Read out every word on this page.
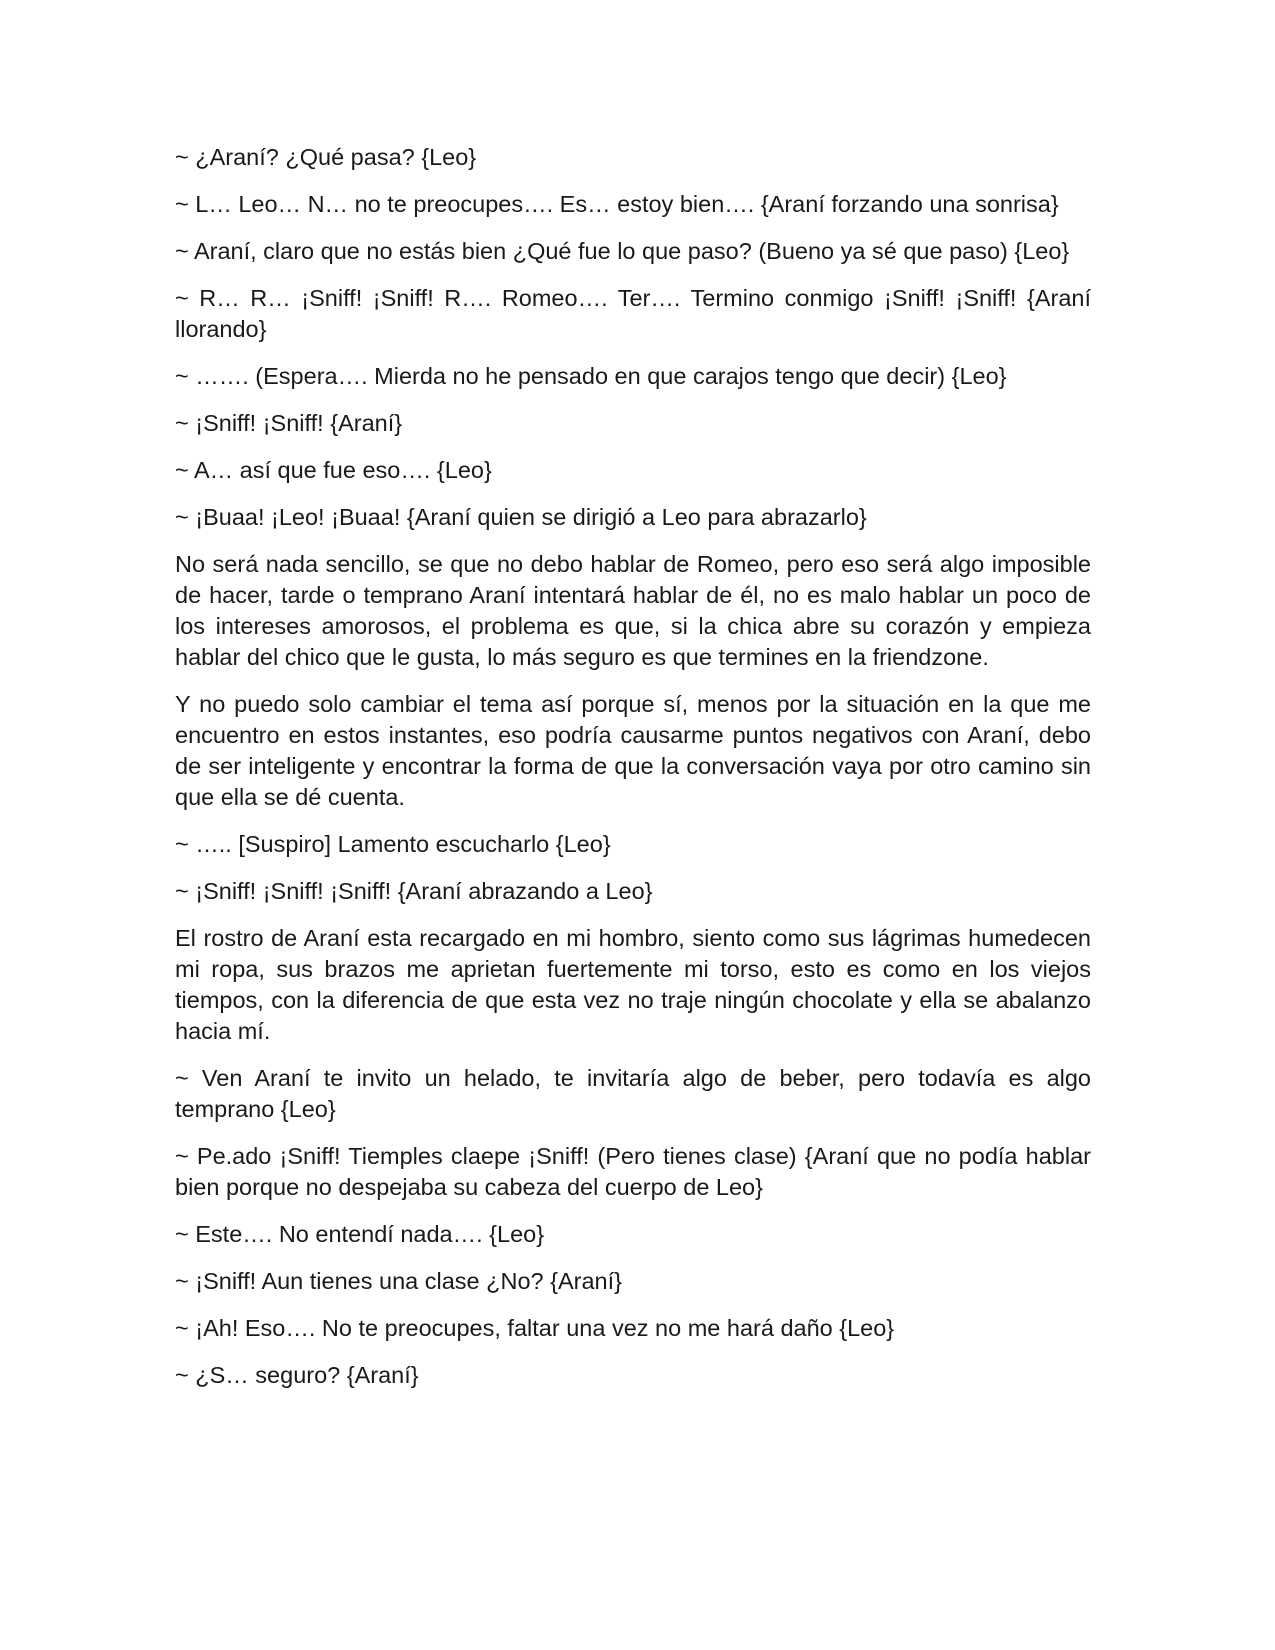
~ ¿Araní? ¿Qué pasa? {Leo}

~ L… Leo… N… no te preocupes…. Es… estoy bien…. {Araní forzando una sonrisa}

~ Araní, claro que no estás bien ¿Qué fue lo que paso? (Bueno ya sé que paso) {Leo}

~ R… R… ¡Sniff! ¡Sniff! R…. Romeo…. Ter…. Termino conmigo ¡Sniff! ¡Sniff! {Araní llorando}

~ ……. (Espera…. Mierda no he pensado en que carajos tengo que decir) {Leo}

~ ¡Sniff! ¡Sniff! {Araní}

~ A… así que fue eso…. {Leo}

~ ¡Buaa! ¡Leo! ¡Buaa! {Araní quien se dirigió a Leo para abrazarlo}

No será nada sencillo, se que no debo hablar de Romeo, pero eso será algo imposible de hacer, tarde o temprano Araní intentará hablar de él, no es malo hablar un poco de los intereses amorosos, el problema es que, si la chica abre su corazón y empieza hablar del chico que le gusta, lo más seguro es que termines en la friendzone.

Y no puedo solo cambiar el tema así porque sí, menos por la situación en la que me encuentro en estos instantes, eso podría causarme puntos negativos con Araní, debo de ser inteligente y encontrar la forma de que la conversación vaya por otro camino sin que ella se dé cuenta.

~ ….. [Suspiro] Lamento escucharlo {Leo}

~ ¡Sniff! ¡Sniff! ¡Sniff! {Araní abrazando a Leo}

El rostro de Araní esta recargado en mi hombro, siento como sus lágrimas humedecen mi ropa, sus brazos me aprietan fuertemente mi torso, esto es como en los viejos tiempos, con la diferencia de que esta vez no traje ningún chocolate y ella se abalanzo hacia mí.

~ Ven Araní te invito un helado, te invitaría algo de beber, pero todavía es algo temprano {Leo}

~ Pe.ado ¡Sniff! Tiemples claepe ¡Sniff! (Pero tienes clase) {Araní que no podía hablar bien porque no despejaba su cabeza del cuerpo de Leo}

~ Este…. No entendí nada…. {Leo}

~ ¡Sniff! Aun tienes una clase ¿No? {Araní}

~ ¡Ah! Eso…. No te preocupes, faltar una vez no me hará daño {Leo}

~ ¿S… seguro? {Araní}
